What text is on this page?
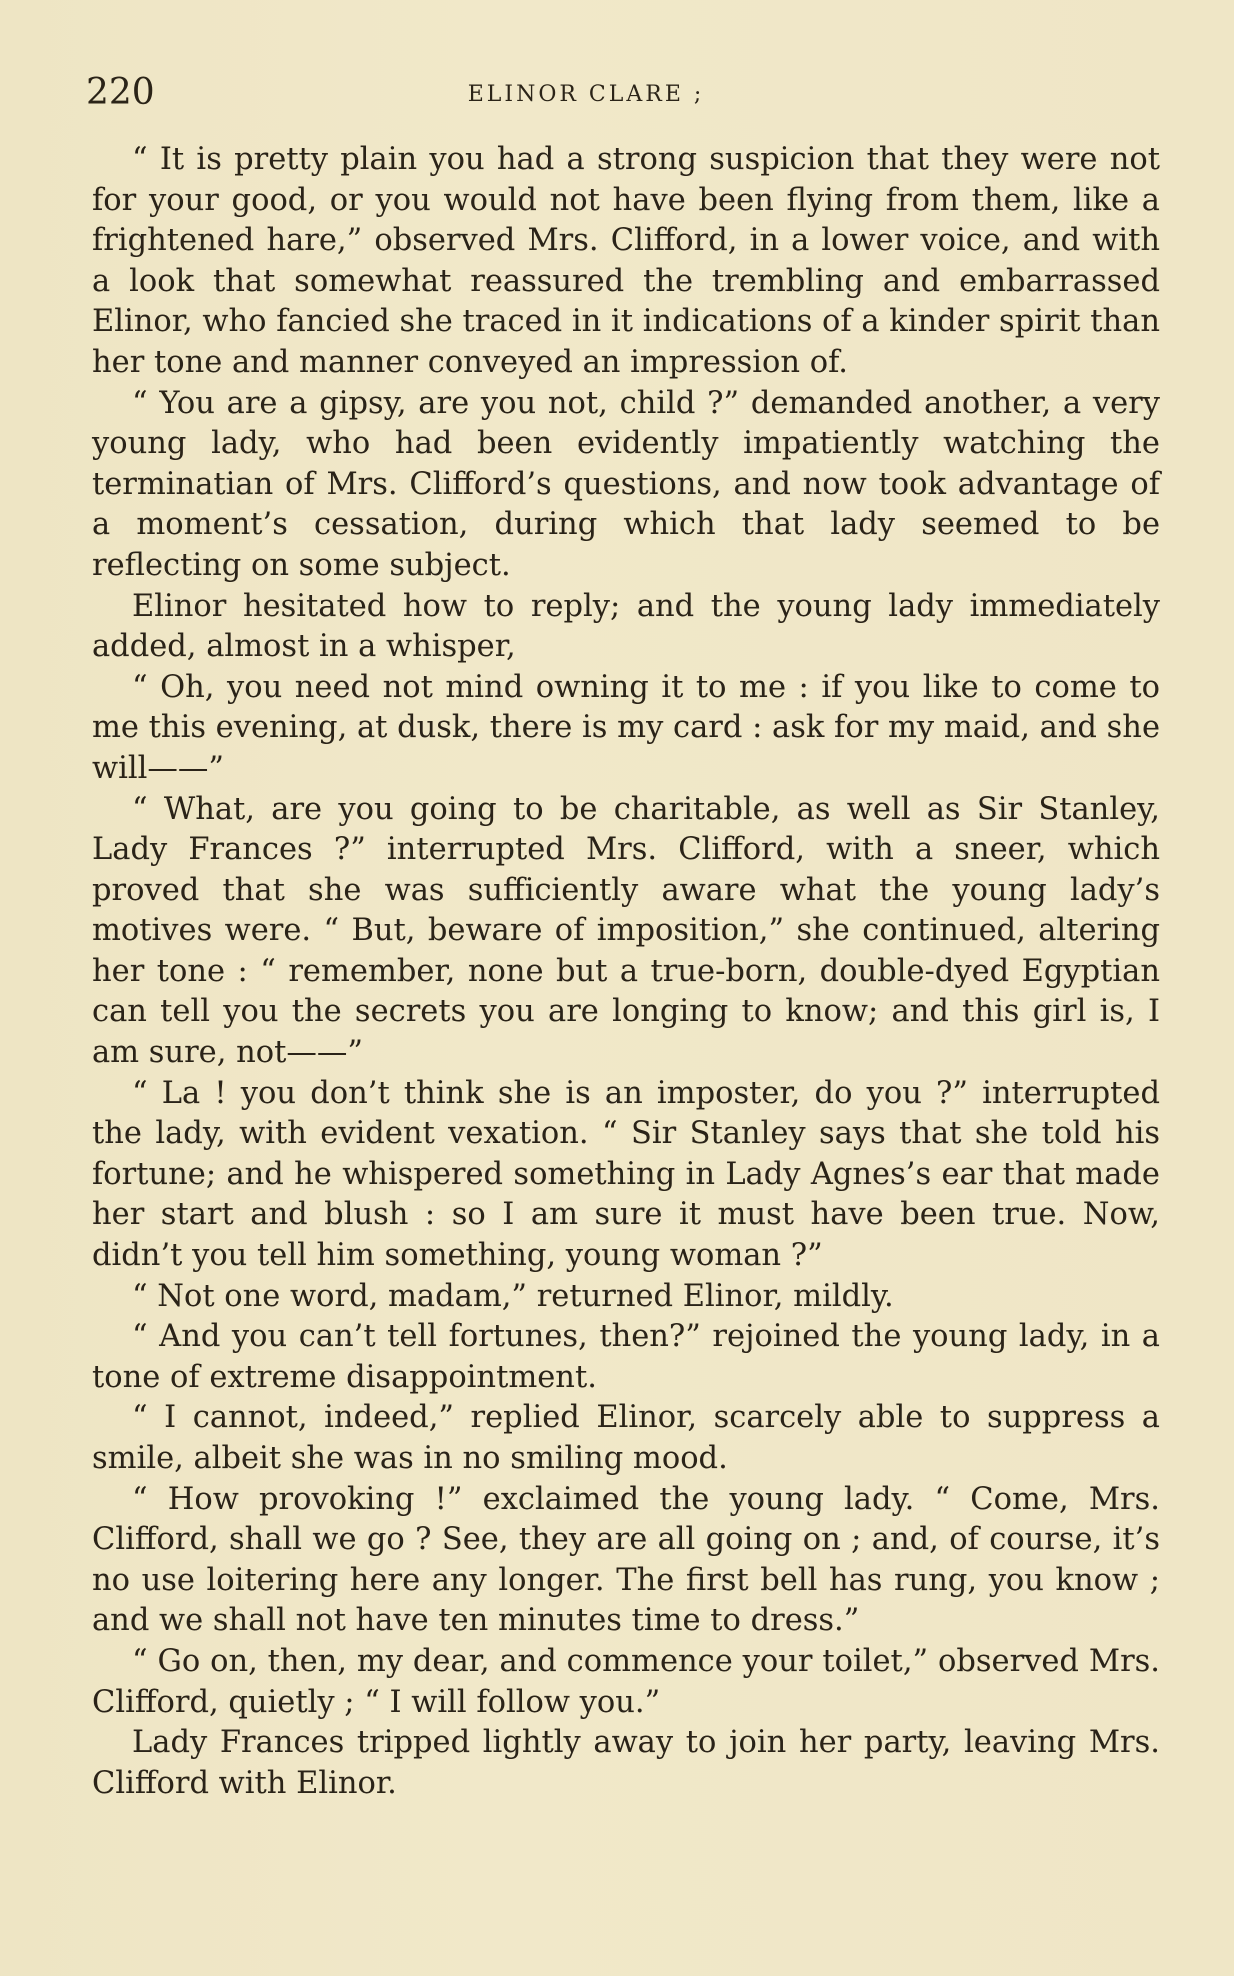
220	ELINOR CLARE ;

“ It is pretty plain you had a strong suspicion that they were not for your good, or you would not have been flying from them, like a frightened hare,” observed Mrs. Clifford, in a lower voice, and with a look that somewhat reassured the trembling and embarrassed Elinor, who fancied she traced in it indications of a kinder spirit than her tone and manner conveyed an impression of.

“ You are a gipsy, are you not, child ?” demanded another, a very young lady, who had been evidently impatiently watching the terminatian of Mrs. Clifford’s questions, and now took advantage of a moment’s cessation, during which that lady seemed to be reflecting on some subject.

Elinor hesitated how to reply; and the young lady immediately added, almost in a whisper,

“ Oh, you need not mind owning it to me : if you like to come to me this evening, at dusk, there is my card : ask for my maid, and she will——”

“ What, are you going to be charitable, as well as Sir Stanley, Lady Frances ?” interrupted Mrs. Clifford, with a sneer, which proved that she was sufficiently aware what the young lady’s motives were. “ But, beware of imposition,” she continued, altering her tone : “ remember, none but a true-born, double-dyed Egyptian can tell you the secrets you are longing to know; and this girl is, I am sure, not——”

“ La ! you don’t think she is an imposter, do you ?” interrupted the lady, with evident vexation. “ Sir Stanley says that she told his fortune; and he whispered something in Lady Agnes’s ear that made her start and blush : so I am sure it must have been true. Now, didn’t you tell him something, young woman ?”

“ Not one word, madam,” returned Elinor, mildly.

“ And you can’t tell fortunes, then?” rejoined the young lady, in a tone of extreme disappointment.

“ I cannot, indeed,” replied Elinor, scarcely able to suppress a smile, albeit she was in no smiling mood.

“ How provoking !” exclaimed the young lady. “ Come, Mrs. Clifford, shall we go ? See, they are all going on ; and, of course, it’s no use loitering here any longer. The first bell has rung, you know ; and we shall not have ten minutes time to dress.”

“ Go on, then, my dear, and commence your toilet,” observed Mrs. Clifford, quietly ; “ I will follow you.”

Lady Frances tripped lightly away to join her party, leaving Mrs. Clifford with Elinor.
